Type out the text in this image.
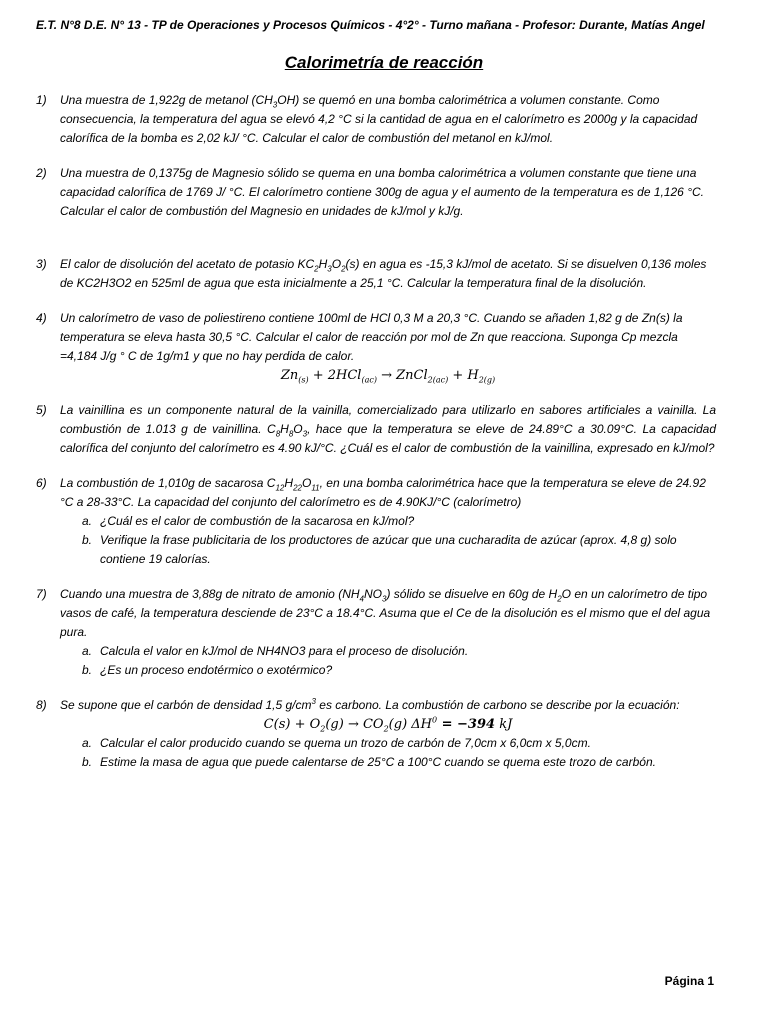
E.T. N°8 D.E. N° 13 - TP de Operaciones y Procesos Químicos - 4°2° - Turno mañana - Profesor: Durante, Matías Angel
Calorimetría de reacción
1) Una muestra de 1,922g de metanol $(CH_3OH)$ se quemó en una bomba calorimétrica a volumen constante. Como consecuencia, la temperatura del agua se elevó 4,2 °C si la cantidad de agua en el calorímetro es 2000g y la capacidad calorífica de la bomba es 2,02 kJ/ °C. Calcular el calor de combustión del metanol en kJ/mol.
2) Una muestra de 0,1375g de Magnesio sólido se quema en una bomba calorimétrica a volumen constante que tiene una capacidad calorífica de 1769 J/ °C. El calorímetro contiene 300g de agua y el aumento de la temperatura es de 1,126 °C. Calcular el calor de combustión del Magnesio en unidades de kJ/mol y kJ/g.
3) El calor de disolución del acetato de potasio $KC_2H_3O_2(s)$ en agua es -15,3 kJ/mol de acetato. Si se disuelven 0,136 moles de KC2H3O2 en 525ml de agua que esta inicialmente a 25,1 °C. Calcular la temperatura final de la disolución.
4) Un calorímetro de vaso de poliestireno contiene 100ml de HCl 0,3 M a 20,3 °C. Cuando se añaden 1,82 g de Zn(s) la temperatura se eleva hasta 30,5 °C. Calcular el calor de reacción por mol de Zn que reacciona. Suponga Cp mezcla =4,184 J/g ° C de 1g/m1 y que no hay perdida de calor.
$Zn_{(s)} + 2HCl_{(ac)}$ → ZnCl$_{2(ac)}$ + $H_{2(g)}$
5) La vainillina es un componente natural de la vainilla, comercializado para utilizarlo en sabores artificiales a vainilla. La combustión de 1.013 g de vainillina. $C_8H_8O_3$, hace que la temperatura se eleve de 24.89°C a 30.09°C. La capacidad calorífica del conjunto del calorímetro es 4.90 kJ/°C. ¿Cuál es el calor de combustión de la vainillina, expresado en kJ/mol?
6) La combustión de 1,010g de sacarosa $C_{12}H_{22}O_{11}$, en una bomba calorimétrica hace que la temperatura se eleve de 24.92 °C a 28-33°C. La capacidad del conjunto del calorímetro es de 4.90KJ/°C (calorímetro)
a. ¿Cuál es el calor de combustión de la sacarosa en kJ/mol?
b. Verifique la frase publicitaria de los productores de azúcar que una cucharadita de azúcar (aprox. 4,8 g) solo contiene 19 calorías.
7) Cuando una muestra de 3,88g de nitrato de amonio $(NH_4NO_3)$ sólido se disuelve en 60g de $H_2O$ en un calorímetro de tipo vasos de café, la temperatura desciende de 23°C a 18.4°C. Asuma que el Ce de la disolución es el mismo que el del agua pura.
a. Calcula el valor en kJ/mol de NH4NO3 para el proceso de disolución.
b. ¿Es un proceso endotérmico o exotérmico?
8) Se supone que el carbón de densidad 1,5 $g/cm^3$ es carbono. La combustión de carbono se describe por la ecuación:
$C(s) + O_2(g) \to CO_2(g) \Delta H^0 = -394$ kJ
a. Calcular el calor producido cuando se quema un trozo de carbón de 7,0cm x 6,0cm x 5,0cm.
b. Estime la masa de agua que puede calentarse de 25°C a 100°C cuando se quema este trozo de carbón.
Página 1
